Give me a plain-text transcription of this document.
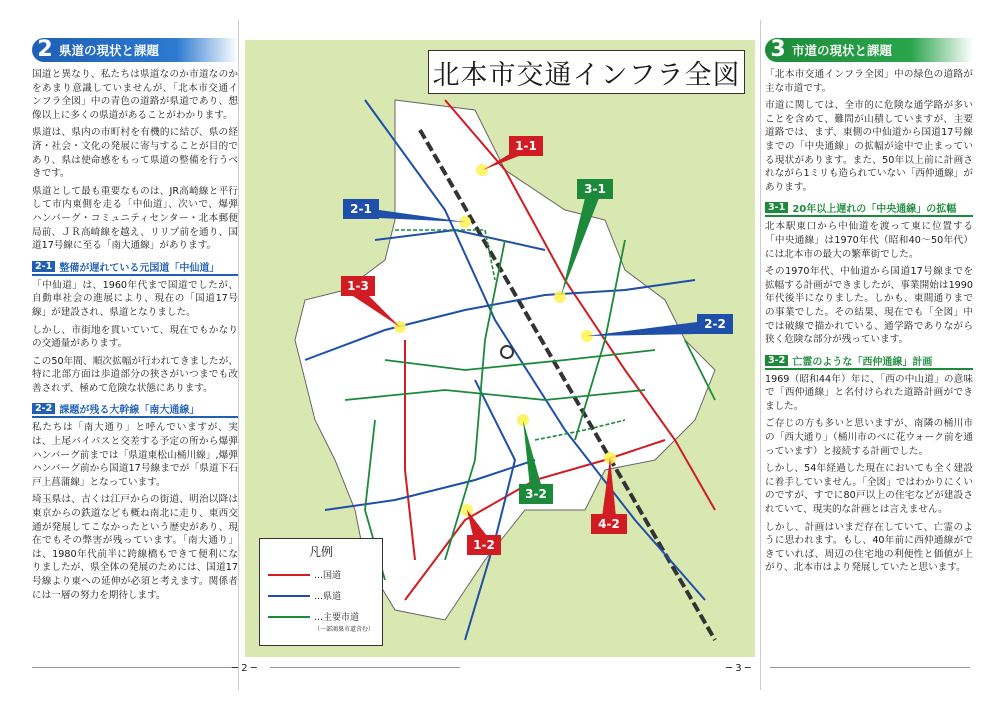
2 県道の現状と課題

国道と異なり、私たちは県道なのか市道なのかをあまり意識していませんが、「北本市交通インフラ全図」中の青色の道路が県道であり、想像以上に多くの県道があることがわかります。

県道は、県内の市町村を有機的に結び、県の経済・社会・文化の発展に寄与することが目的であり、県は使命感をもって県道の整備を行うべきです。

県道として最も重要なものは、JR高崎線と平行して市内東側を走る「中仙道」、次いで、爆弾ハンバーグ・コミュニティセンター・北本郵便局前、ＪＲ高崎線を越え、リリプ前を通り、国道17号線に至る「南大通線」があります。

2-1 整備が遅れている元国道「中仙道」

「中仙道」は、1960年代まで国道でしたが、自動車社会の進展により、現在の「国道17号線」が建設され、県道となりました。

しかし、市街地を貫いていて、現在でもかなりの交通量があります。

この50年間、順次拡幅が行われてきましたが、特に北部方面は歩道部分の狭さがいつまでも改善されず、極めて危険な状態にあります。

2-2 課題が残る大幹線「南大通線」

私たちは「南大通り」と呼んでいますが、実は、上尾バイパスと交差する予定の所から爆弾ハンバーグ前までは「県道東松山桶川線」,爆弾ハンバーグ前から国道17号線までが「県道下石戸上菖蒲線」となっています。

埼玉県は、古くは江戸からの街道、明治以降は東京からの鉄道なども概ね南北に走り、東西交通が発展してこなかったという歴史があり、現在でもその弊害が残っています。「南大通り」は、1980年代前半に跨線橋もできて便利になりましたが、県全体の発展のためには、国道17号線より東への延伸が必須と考えます。関係者には一層の努力を期待します。

北本市交通インフラ全図
1-1
1-2
1-3
2-1
2-2
3-1
3-2
4-2
凡例
…国道
…県道
…主要市道
（一部鴻巣市道含む）
3 市道の現状と課題

「北本市交通インフラ全図」中の緑色の道路が主な市道です。

市道に関しては、全市的に危険な通学路が多いことを含めて、難問が山積していますが、主要道路では、まず、東側の中仙道から国道17号線までの「中央通線」の拡幅が途中で止まっている現状があります。また、50年以上前に計画されながら1ミリも造られていない「西仲通線」があります。

3-1 20年以上遅れの「中央通線」の拡幅

北本駅東口から中仙道を渡って東に位置する「中央通線」は1970年代（昭和40～50年代）には北本市の最大の繁華街でした。

その1970年代、中仙道から国道17号線までを拡幅する計画ができましたが、事業開始は1990年代後半になりました。しかも、東間通りまでの事業でした。その結果、現在でも「全図」中では破線で描かれている、通学路でありながら狭く危険な部分が残っています。

3-2 亡霊のような「西仲通線」計画

1969（昭和44年）年に、「西の中山道」の意味で「西仲通線」と名付けられた道路計画ができました。

ご存じの方も多いと思いますが、南隣の桶川市の「西大通り」（桶川市のべに花ウォーク前を通っています）と接続する計画でした。

しかし、54年経過した現在においても全く建設に着手していません。「全図」ではわかりにくいのですが、すでに80戸以上の住宅などが建設されていて、現実的な計画とは言えません。

しかし、計画はいまだ存在していて、亡霊のように思われます。もし、40年前に西仲通線ができていれば、周辺の住宅地の利便性と価値が上がり、北本市はより発展していたと思います。

─ 2 ─	─ 3 ─
